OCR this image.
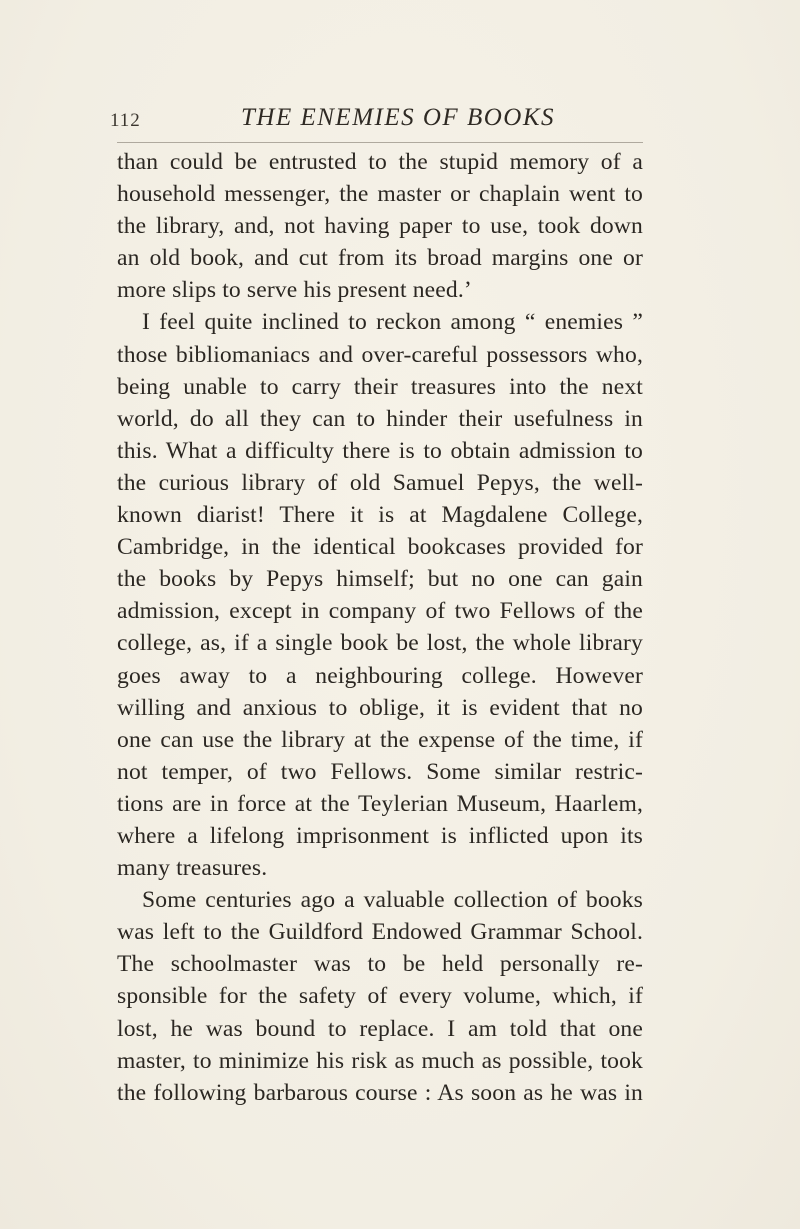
112	THE ENEMIES OF BOOKS
than could be entrusted to the stupid memory of a
household messenger, the master or chaplain went to
the library, and, not having paper to use, took down
an old book, and cut from its broad margins one or
more slips to serve his present need.’
I feel quite inclined to reckon among “ enemies ”
those bibliomaniacs and over-careful possessors who,
being unable to carry their treasures into the next
world, do all they can to hinder their usefulness in
this. What a difficulty there is to obtain admission to
the curious library of old Samuel Pepys, the well-
known diarist! There it is at Magdalene College,
Cambridge, in the identical bookcases provided for
the books by Pepys himself; but no one can gain
admission, except in company of two Fellows of the
college, as, if a single book be lost, the whole library
goes away to a neighbouring college. However
willing and anxious to oblige, it is evident that no
one can use the library at the expense of the time, if
not temper, of two Fellows. Some similar restric-
tions are in force at the Teylerian Museum, Haarlem,
where a lifelong imprisonment is inflicted upon its
many treasures.
Some centuries ago a valuable collection of books
was left to the Guildford Endowed Grammar School.
The schoolmaster was to be held personally re-
sponsible for the safety of every volume, which, if
lost, he was bound to replace. I am told that one
master, to minimize his risk as much as possible, took
the following barbarous course : As soon as he was in
